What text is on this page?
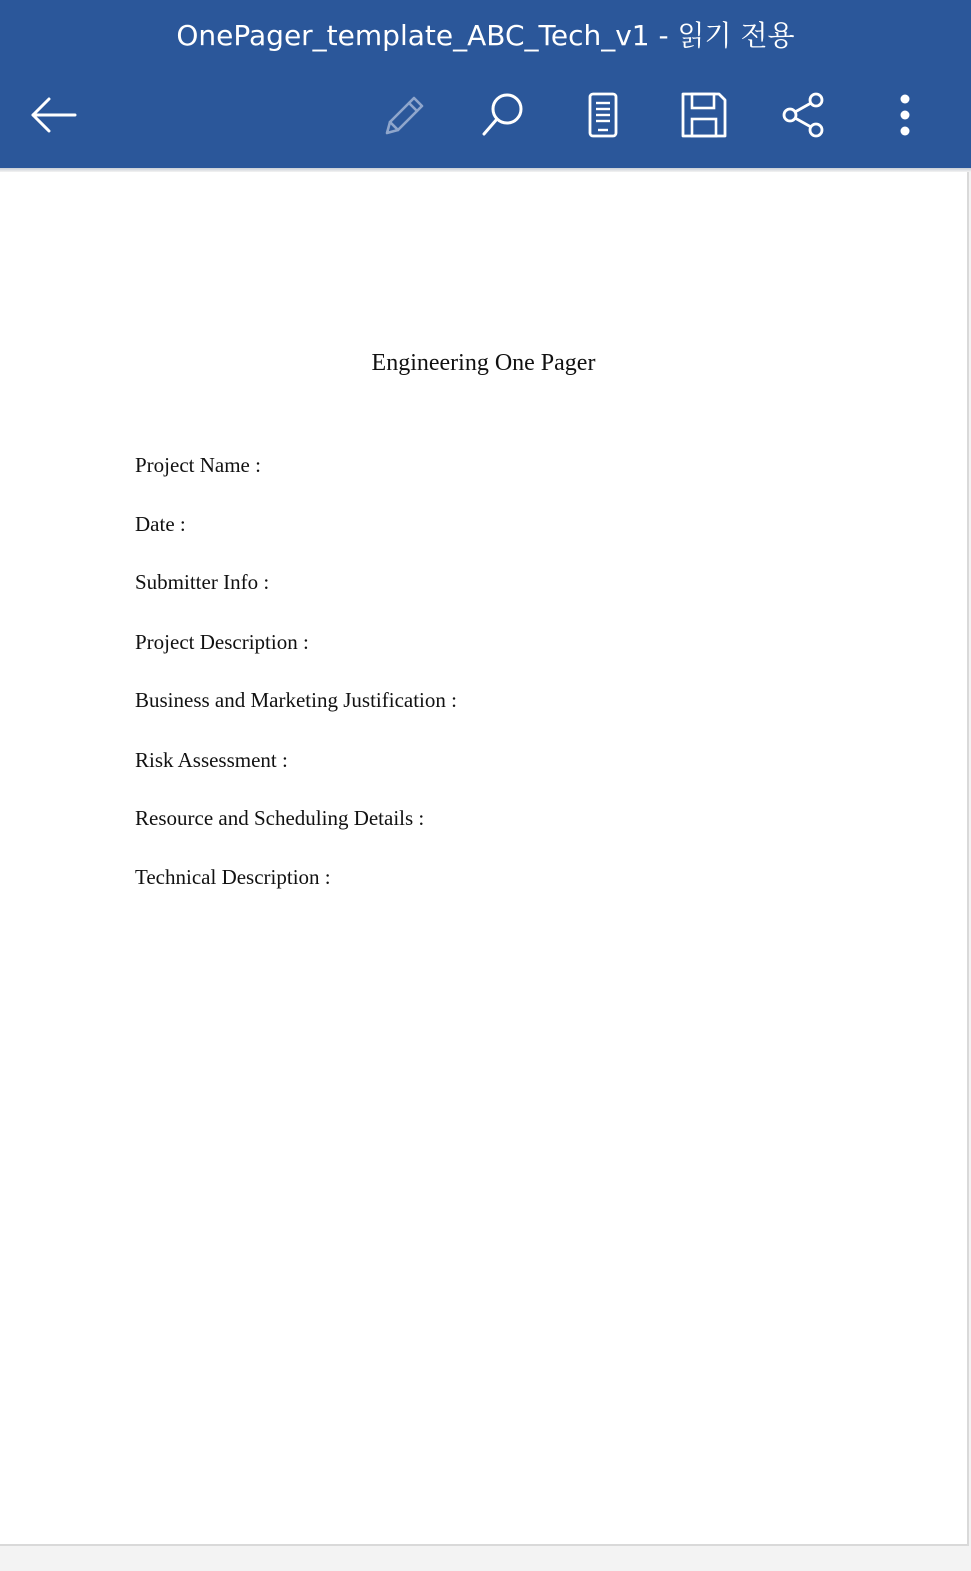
OnePager_template_ABC_Tech_v1 - 읽기 전용
Engineering One Pager
Project Name :
Date :
Submitter Info :
Project Description :
Business and Marketing Justification :
Risk Assessment :
Resource and Scheduling Details :
Technical Description :
